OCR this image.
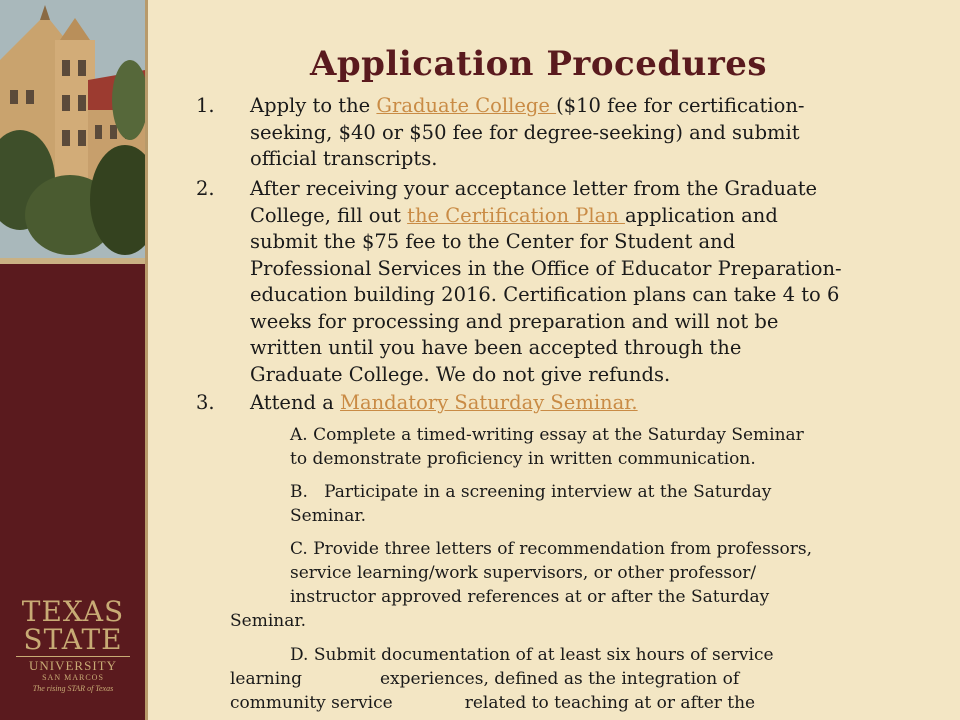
TEXAS
STATE
UNIVERSITY
SAN MARCOS
The rising STAR of Texas
Application Procedures
1. Apply to the Graduate College ($10 fee for certification-
seeking, $40 or $50 fee for degree-seeking) and submit
official transcripts.
2. After receiving your acceptance letter from the Graduate
College, fill out the Certification Plan application and
submit the $75 fee to the Center for Student and
Professional Services in the Office of Educator Preparation-
education building 2016. Certification plans can take 4 to 6
weeks for processing and preparation and will not be
written until you have been accepted through the
Graduate College. We do not give refunds.
3. Attend a Mandatory Saturday Seminar.
A. Complete a timed-writing essay at the Saturday Seminar
to demonstrate proficiency in written communication.
B.   Participate in a screening interview at the Saturday
Seminar.
C. Provide three letters of recommendation from professors,
service learning/work supervisors, or other professor/
instructor approved references at or after the Saturday
Seminar.
D. Submit documentation of at least six hours of service
learning	experiences, defined as the integration of
community service	related to teaching at or after the
